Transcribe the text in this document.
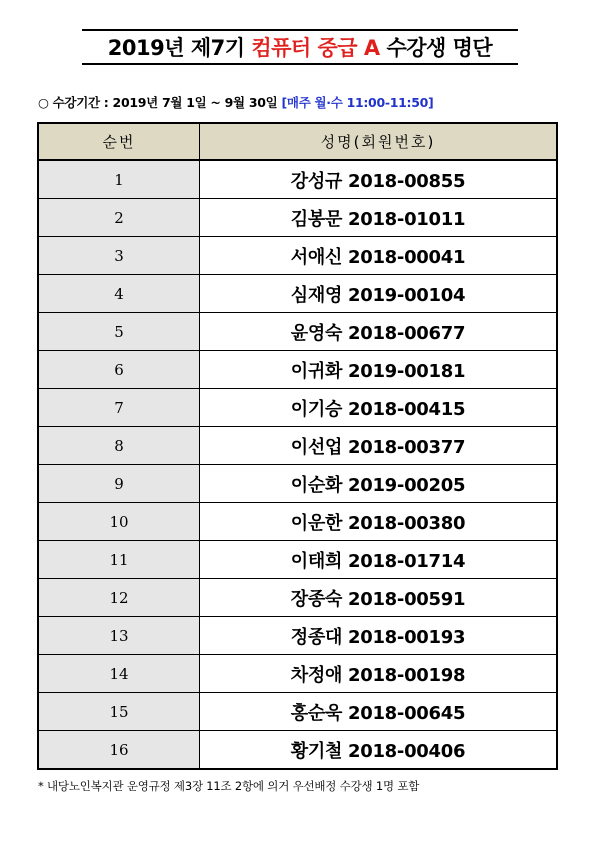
2019년 제7기 컴퓨터 중급 A 수강생 명단
○ 수강기간 : 2019년 7월 1일 ~ 9월 30일 [매주 월·수 11:00-11:50]
순번	성명(회원번호)
1	강성규 2018-00855
2	김봉문 2018-01011
3	서애신 2018-00041
4	심재영 2019-00104
5	윤영숙 2018-00677
6	이귀화 2019-00181
7	이기승 2018-00415
8	이선업 2018-00377
9	이순화 2019-00205
10	이운한 2018-00380
11	이태희 2018-01714
12	장종숙 2018-00591
13	정종대 2018-00193
14	차정애 2018-00198
15	홍순욱 2018-00645
16	황기철 2018-00406
* 내당노인복지관 운영규정 제3장 11조 2항에 의거 우선배정 수강생 1명 포함
